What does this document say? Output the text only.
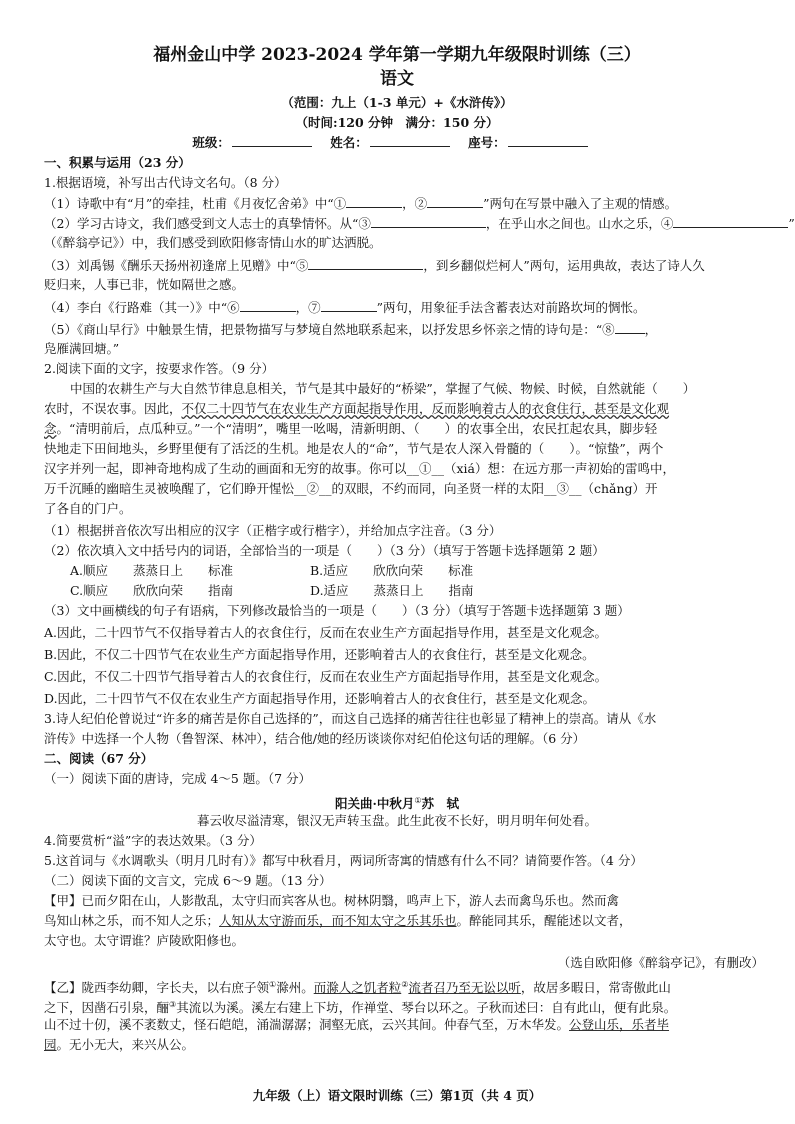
福州金山中学 2023-2024 学年第一学期九年级限时训练（三）
语文
（范围：九上（1-3 单元）+《水浒传》）
（时间:120 分钟　满分：150 分）
班级：	姓名：	座号：
一、积累与运用（23 分）
1.根据语境，补写出古代诗文名句。（8 分）
（1）诗歌中有“月”的牵挂，杜甫《月夜忆舍弟》中“①	，②	”两句在写景中融入了主观的情感。
（2）学习古诗文，我们感受到文人志士的真挚情怀。从“③	，在乎山水之间也。山水之乐，④	”
（《醉翁亭记》）中，我们感受到欧阳修寄情山水的旷达洒脱。
（3）刘禹锡《酬乐天扬州初逢席上见赠》中“⑤	，到乡翻似烂柯人”两句，运用典故，表达了诗人久
贬归来，人事已非，恍如隔世之感。
（4）李白《行路难（其一）》中“⑥	，⑦	”两句，用象征手法含蓄表达对前路坎坷的惆怅。
（5）《商山早行》中触景生情，把景物描写与梦境自然地联系起来，以抒发思乡怀亲之情的诗句是：“⑧ ，
凫雁满回塘。”
2.阅读下面的文字，按要求作答。（9 分）
中国的农耕生产与大自然节律息息相关，节气是其中最好的“桥梁”，掌握了气候、物候、时候，自然就能（　　）
农时，不误农事。因此，不仅二十四节气在农业生产方面起指导作用，反而影响着古人的衣食住行，甚至是文化观
念。“清明前后，点瓜种豆。”一个“清明”，嘴里一吆喝，清新明朗、（　　）的农事全出，农民扛起农具，脚步轻
快地走下田间地头，乡野里便有了活泛的生机。地是农人的“命”，节气是农人深入骨髓的（　　）。“惊蛰”，两个
汉字并列一起，即神奇地构成了生动的画面和无穷的故事。你可以__①__（xiá）想：在远方那一声初始的雷鸣中，
万千沉睡的幽暗生灵被唤醒了，它们睁开惺忪__②__的双眼，不约而同，向圣贤一样的太阳__③__（chǎng）开
了各自的门户。
（1）根据拼音依次写出相应的汉字（正楷字或行楷字），并给加点字注音。（3 分）
（2）依次填入文中括号内的词语，全部恰当的一项是（　　）（3 分）（填写于答题卡选择题第 2 题）
A.顺应　　蒸蒸日上　　标准	B.适应　　欣欣向荣　　标准
C.顺应　　欣欣向荣　　指南	D.适应　　蒸蒸日上　　指南
（3）文中画横线的句子有语病，下列修改最恰当的一项是（　　）（3 分）（填写于答题卡选择题第 3 题）
A.因此，二十四节气不仅指导着古人的衣食住行，反而在农业生产方面起指导作用，甚至是文化观念。
B.因此，不仅二十四节气在农业生产方面起指导作用，还影响着古人的衣食住行，甚至是文化观念。
C.因此，不仅二十四节气指导着古人的衣食住行，反而在农业生产方面起指导作用，甚至是文化观念。
D.因此，二十四节气不仅在农业生产方面起指导作用，还影响着古人的衣食住行，甚至是文化观念。
3.诗人纪伯伦曾说过“许多的痛苦是你自己选择的”，而这自己选择的痛苦往往也彰显了精神上的崇高。请从《水
浒传》中选择一个人物（鲁智深、林冲），结合他/她的经历谈谈你对纪伯伦这句话的理解。（6 分）
二、阅读（67 分）
（一）阅读下面的唐诗，完成 4～5 题。（7 分）
阳关曲·中秋月①苏　轼
暮云收尽溢清寒，银汉无声转玉盘。此生此夜不长好，明月明年何处看。
4.简要赏析“溢”字的表达效果。（3 分）
5.这首词与《水调歌头（明月几时有）》都写中秋看月，两词所寄寓的情感有什么不同？请简要作答。（4 分）
（二）阅读下面的文言文，完成 6～9 题。（13 分）
【甲】已而夕阳在山，人影散乱，太守归而宾客从也。树林阴翳，鸣声上下，游人去而禽鸟乐也。然而禽
鸟知山林之乐，而不知人之乐；人知从太守游而乐，而不知太守之乐其乐也。醉能同其乐，醒能述以文者，
太守也。太守谓谁？庐陵欧阳修也。
（选自欧阳修《醉翁亭记》，有删改）
【乙】陇西李幼卿，字长夫，以右庶子领①滁州。而滁人之饥者粒②流者召乃至无讼以听，故居多暇日，常寄傲此山
之下，因凿石引泉，酾③其流以为溪。溪左右建上下坊，作禅堂、琴台以环之。子秋而述曰：自有此山，便有此泉。
山不过十仞，溪不袤数丈，怪石皑皑，涌湍潺潺；洞壑无底，云兴其间。仲春气至，万木华发。公登山乐，乐者毕
园。无小无大，来兴从公。
九年级（上）语文限时训练（三）第1页（共 4 页）
